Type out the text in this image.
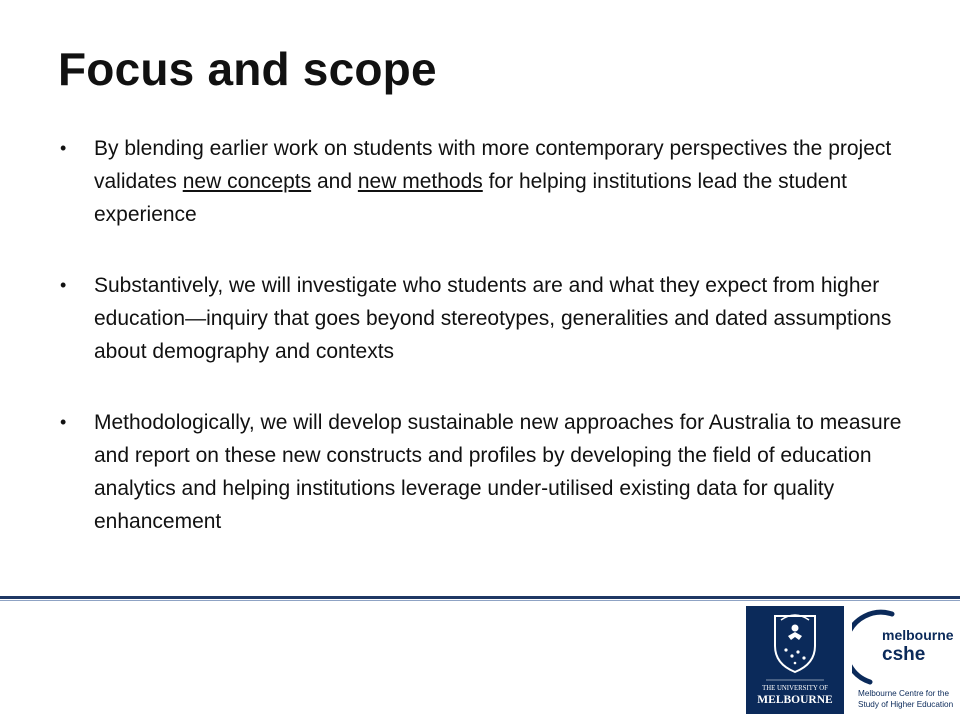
Focus and scope
• By blending earlier work on students with more contemporary perspectives the project validates new concepts and new methods for helping institutions lead the student experience
• Substantively, we will investigate who students are and what they expect from higher education—inquiry that goes beyond stereotypes, generalities and dated assumptions about demography and contexts
• Methodologically, we will develop sustainable new approaches for Australia to measure and report on these new constructs and profiles by developing the field of education analytics and helping institutions leverage under-utilised existing data for quality enhancement
THE UNIVERSITY OF
MELBOURNE
melbourne
cshe
Melbourne Centre for the
Study of Higher Education
